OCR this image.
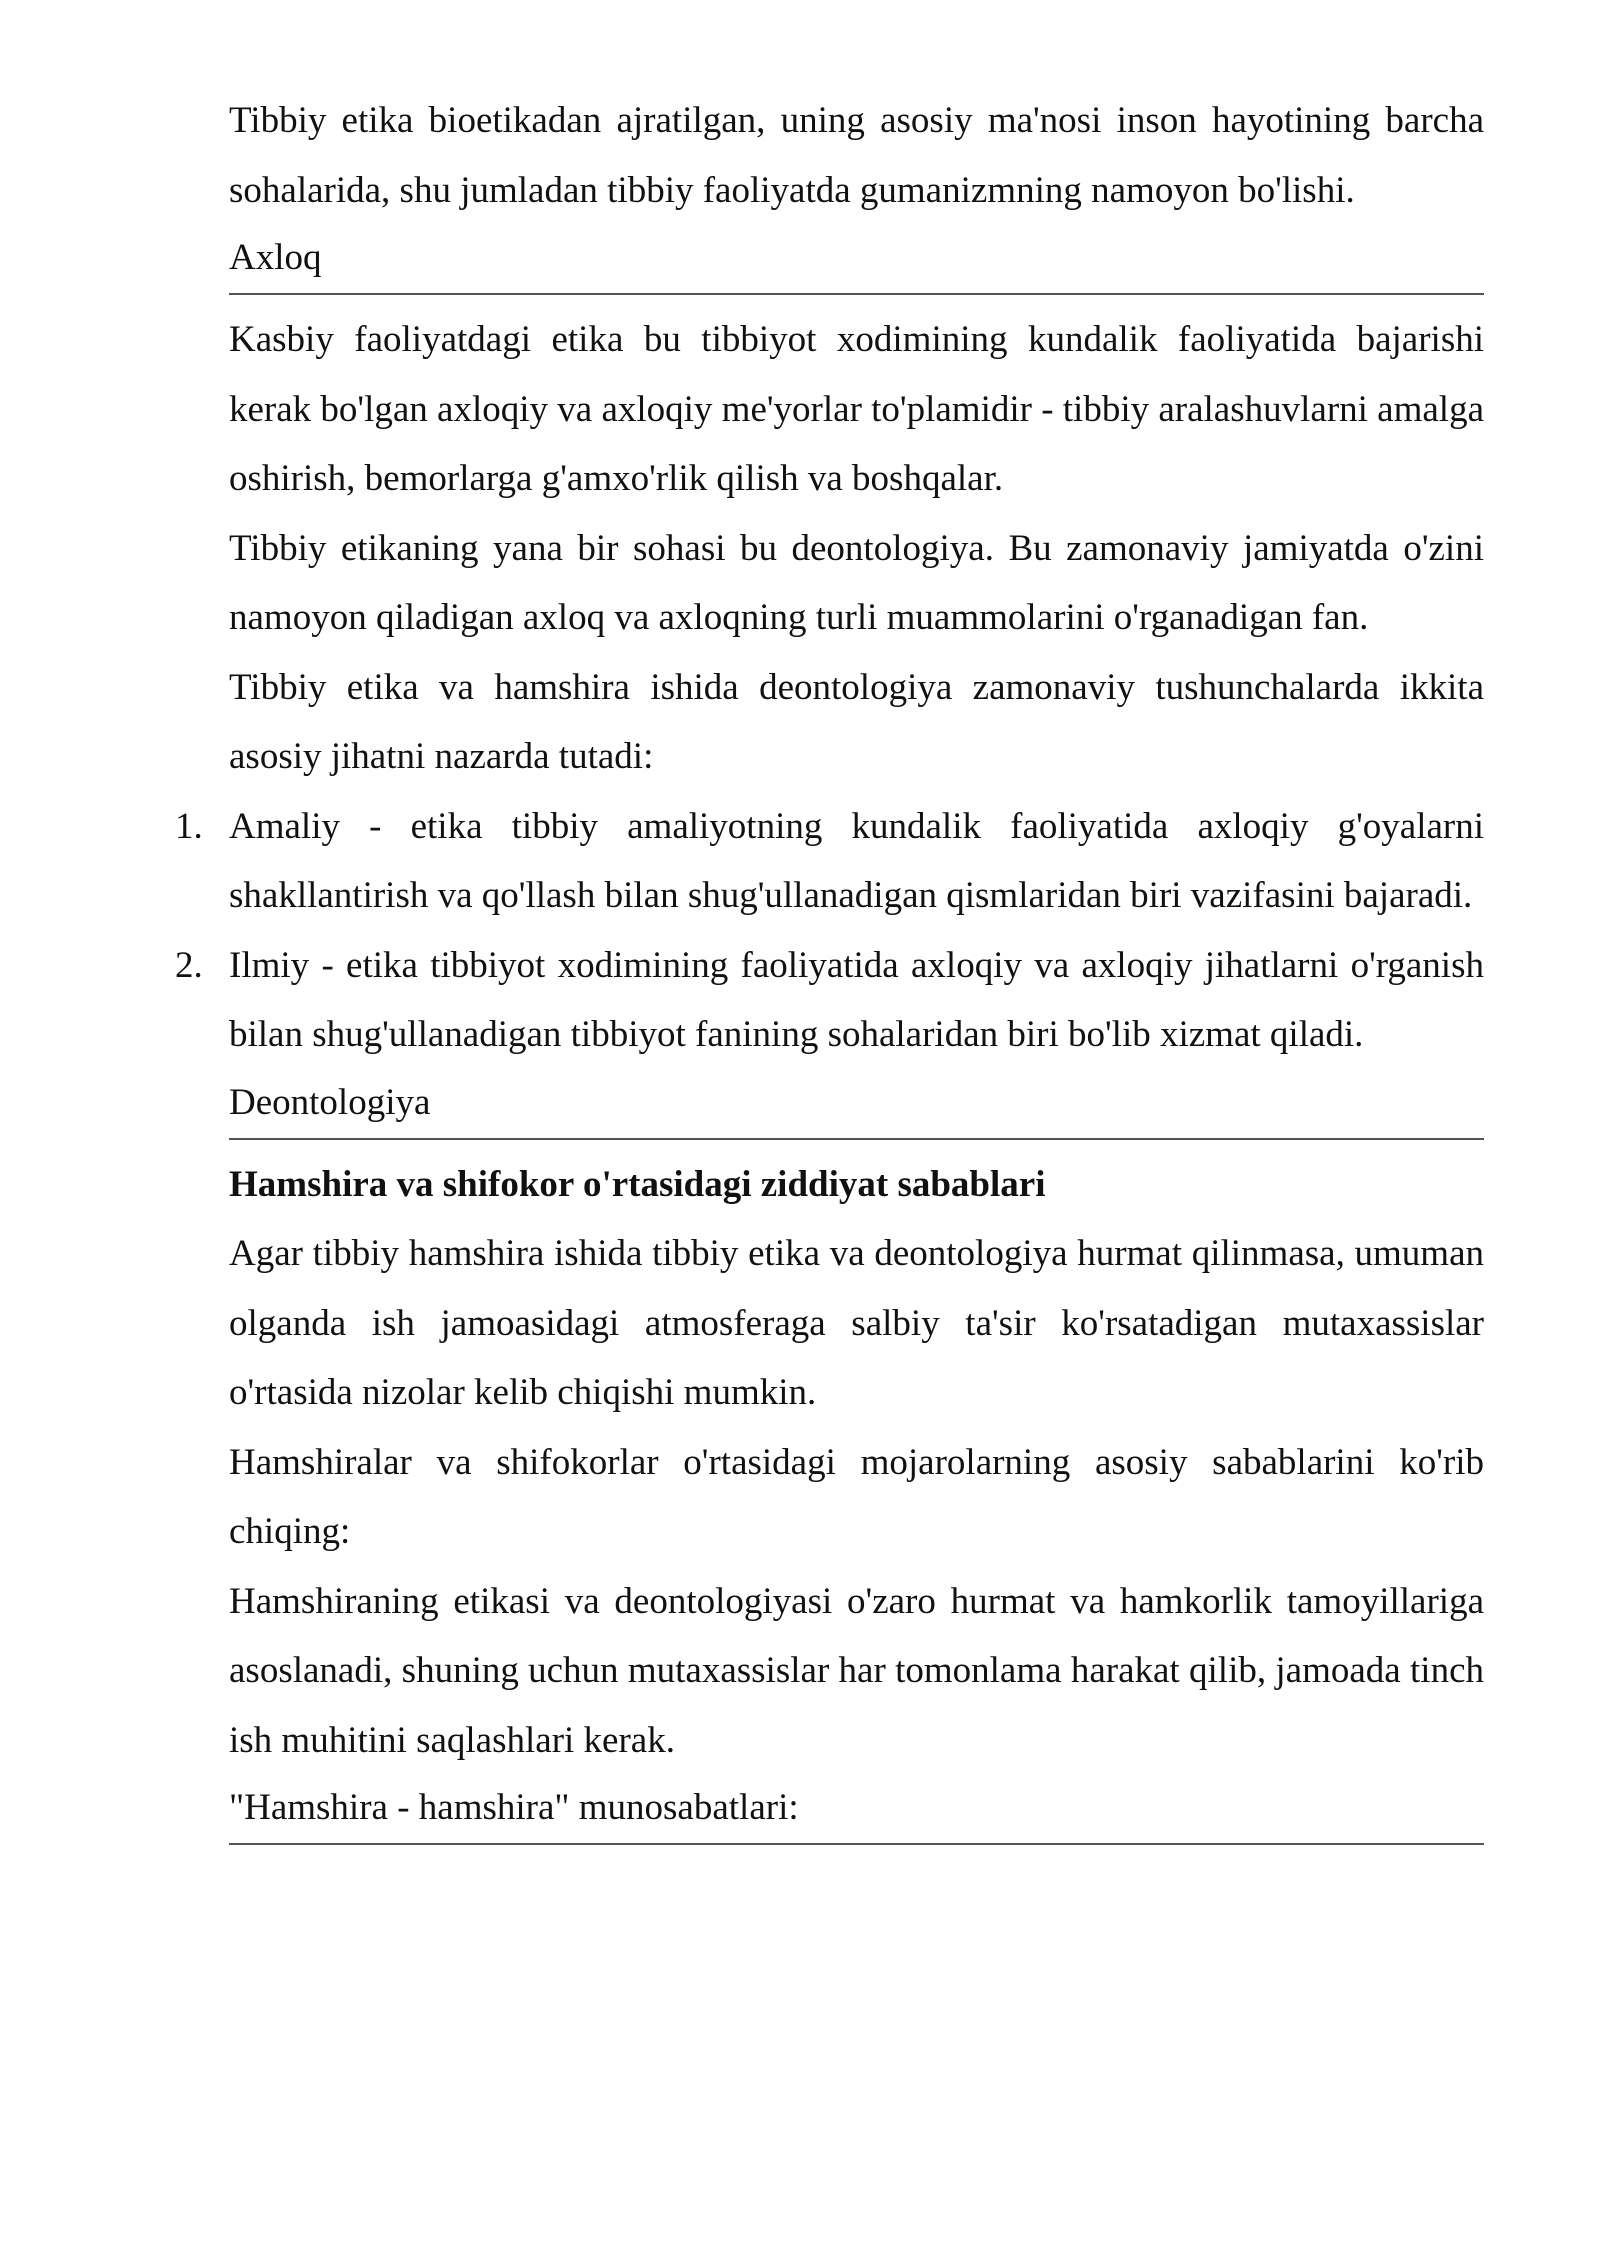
Tibbiy etika bioetikadan ajratilgan, uning asosiy ma'nosi inson hayotining barcha sohalarida, shu jumladan tibbiy faoliyatda gumanizmning namoyon bo'lishi.

Axloq

Kasbiy faoliyatdagi etika bu tibbiyot xodimining kundalik faoliyatida bajarishi kerak bo'lgan axloqiy va axloqiy me'yorlar to'plamidir - tibbiy aralashuvlarni amalga oshirish, bemorlarga g'amxo'rlik qilish va boshqalar.

Tibbiy etikaning yana bir sohasi bu deontologiya. Bu zamonaviy jamiyatda o'zini namoyon qiladigan axloq va axloqning turli muammolarini o'rganadigan fan.

Tibbiy etika va hamshira ishida deontologiya zamonaviy tushunchalarda ikkita asosiy jihatni nazarda tutadi:

1. Amaliy - etika tibbiy amaliyotning kundalik faoliyatida axloqiy g'oyalarni shakllantirish va qo'llash bilan shug'ullanadigan qismlaridan biri vazifasini bajaradi.
2. Ilmiy - etika tibbiyot xodimining faoliyatida axloqiy va axloqiy jihatlarni o'rganish bilan shug'ullanadigan tibbiyot fanining sohalaridan biri bo'lib xizmat qiladi.
Deontologiya

Hamshira va shifokor o'rtasidagi ziddiyat sabablari

Agar tibbiy hamshira ishida tibbiy etika va deontologiya hurmat qilinmasa, umuman olganda ish jamoasidagi atmosferaga salbiy ta'sir ko'rsatadigan mutaxassislar o'rtasida nizolar kelib chiqishi mumkin.

Hamshiralar va shifokorlar o'rtasidagi mojarolarning asosiy sabablarini ko'rib chiqing:

Hamshiraning etikasi va deontologiyasi o'zaro hurmat va hamkorlik tamoyillariga asoslanadi, shuning uchun mutaxassislar har tomonlama harakat qilib, jamoada tinch ish muhitini saqlashlari kerak.

"Hamshira - hamshira" munosabatlari:
